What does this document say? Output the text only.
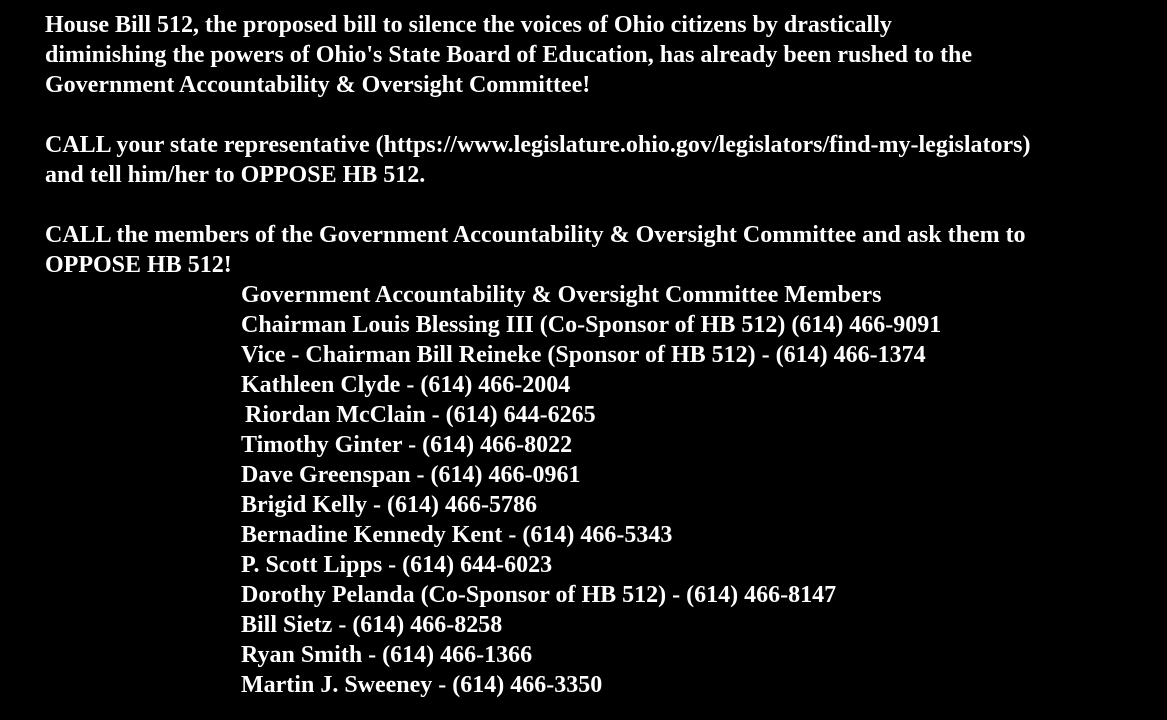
House Bill 512, the proposed bill to silence the voices of Ohio citizens by drastically
diminishing the powers of Ohio's State Board of Education, has already been rushed to the
Government Accountability & Oversight Committee!

CALL your state representative (https://www.legislature.ohio.gov/legislators/find-my-legislators)
and tell him/her to OPPOSE HB 512.

CALL the members of the Government Accountability & Oversight Committee and ask them to
OPPOSE HB 512!

Government Accountability & Oversight Committee Members
Chairman Louis Blessing III (Co-Sponsor of HB 512) (614) 466-9091
Vice - Chairman Bill Reineke (Sponsor of HB 512) - (614) 466-1374
Kathleen Clyde - (614) 466-2004
Riordan McClain - (614) 644-6265
Timothy Ginter - (614) 466-8022
Dave Greenspan - (614) 466-0961
Brigid Kelly - (614) 466-5786
Bernadine Kennedy Kent - (614) 466-5343
P. Scott Lipps - (614) 644-6023
Dorothy Pelanda (Co-Sponsor of HB 512) - (614) 466-8147
Bill Sietz - (614) 466-8258
Ryan Smith - (614) 466-1366
Martin J. Sweeney - (614) 466-3350
